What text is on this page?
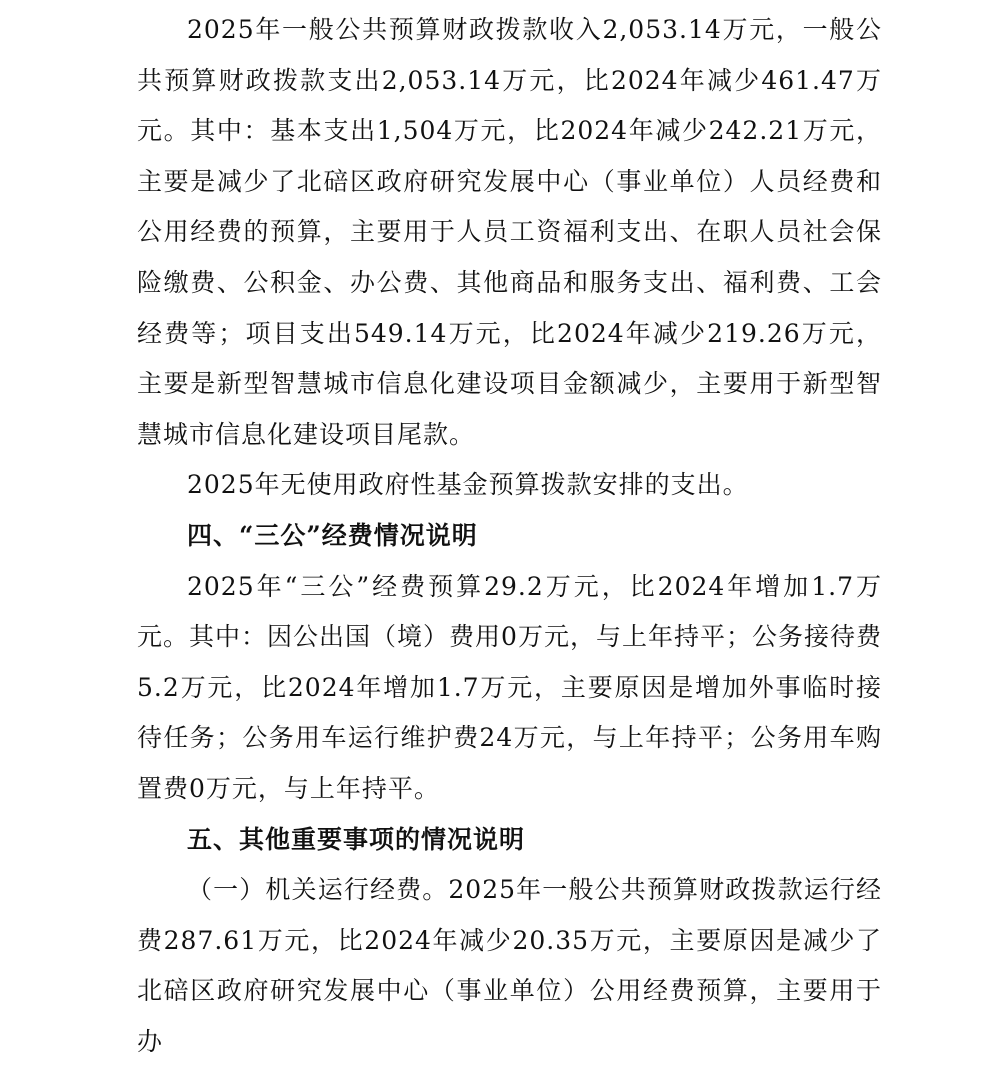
2025年一般公共预算财政拨款收入2,053.14万元，一般公共预算财政拨款支出2,053.14万元，比2024年减少461.47万元。其中：基本支出1,504万元，比2024年减少242.21万元，主要是减少了北碚区政府研究发展中心（事业单位）人员经费和公用经费的预算，主要用于人员工资福利支出、在职人员社会保险缴费、公积金、办公费、其他商品和服务支出、福利费、工会经费等；项目支出549.14万元，比2024年减少219.26万元，主要是新型智慧城市信息化建设项目金额减少，主要用于新型智慧城市信息化建设项目尾款。

2025年无使用政府性基金预算拨款安排的支出。

四、“三公”经费情况说明

2025年“三公”经费预算29.2万元，比2024年增加1.7万元。其中：因公出国（境）费用0万元，与上年持平；公务接待费5.2万元，比2024年增加1.7万元，主要原因是增加外事临时接待任务；公务用车运行维护费24万元，与上年持平；公务用车购置费0万元，与上年持平。

五、其他重要事项的情况说明

（一）机关运行经费。2025年一般公共预算财政拨款运行经费287.61万元，比2024年减少20.35万元，主要原因是减少了北碚区政府研究发展中心（事业单位）公用经费预算，主要用于办
